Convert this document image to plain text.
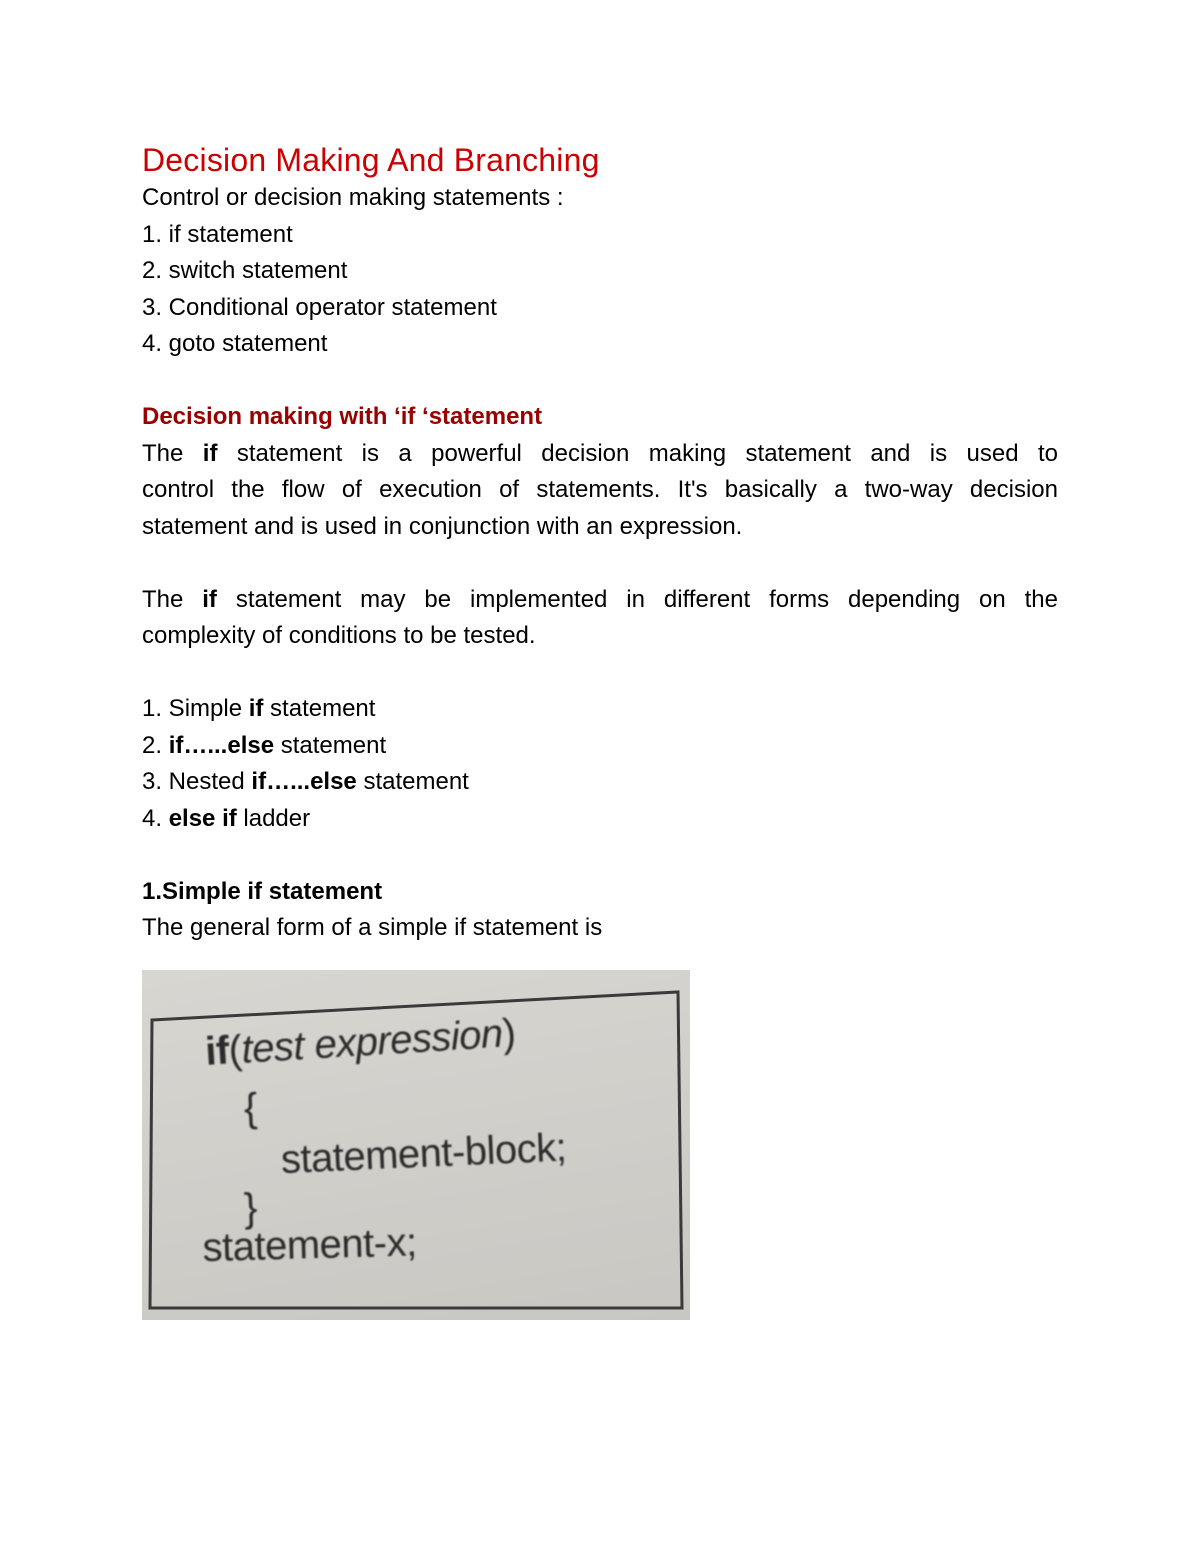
Decision Making And Branching

Control or decision making statements :

1. if statement

2. switch statement

3. Conditional operator statement

4. goto statement

Decision making with ‘if ‘statement
The if statement is a powerful decision making statement and is used to
control the flow of execution of statements. It's basically a two-way decision
statement and is used in conjunction with an expression.
The if statement may be implemented in different forms depending on the
complexity of conditions to be tested.

1. Simple if statement

2. if…...else statement

3. Nested if…...else statement

4. else if ladder

1.Simple if statement

The general form of a simple if statement is

if(test expression)
{
statement-block;
}
statement-x;
